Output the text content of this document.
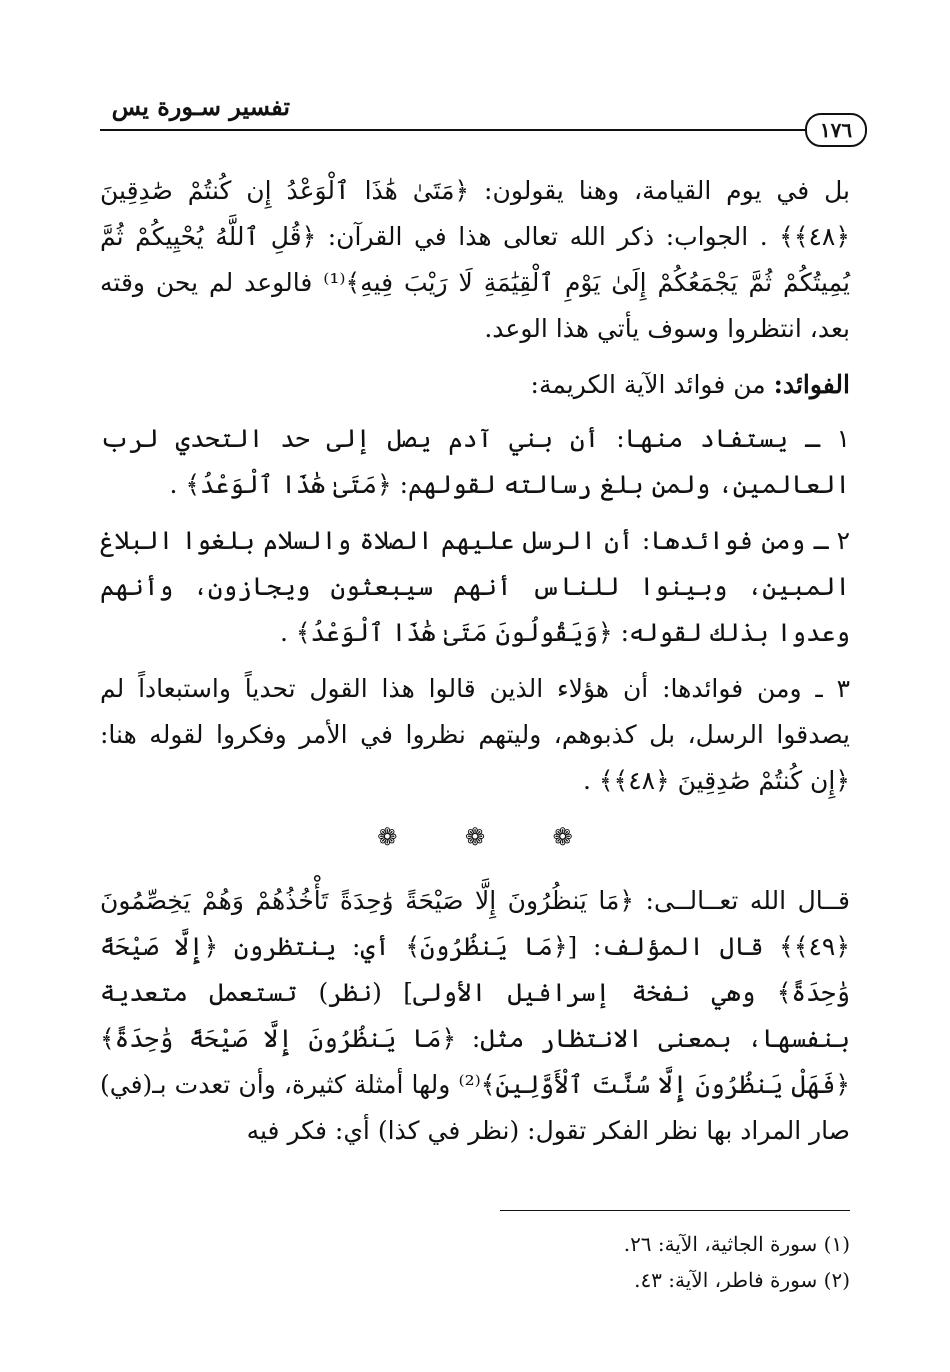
تفسير سـورة يس
١٧٦

بل في يوم القيامة، وهنا يقولون: ﴿مَتَىٰ هَٰذَا ٱلْوَعْدُ إِن كُنتُمْ صَٰدِقِينَ ﴿٤٨﴾﴾ . الجواب: ذكر الله تعالى هذا في القرآن: ﴿قُلِ ٱللَّهُ يُحْيِيكُمْ ثُمَّ يُمِيتُكُمْ ثُمَّ يَجْمَعُكُمْ إِلَىٰ يَوْمِ ٱلْقِيَٰمَةِ لَا رَيْبَ فِيهِ﴾⁽¹⁾ فالوعد لم يحن وقته بعد، انتظروا وسوف يأتي هذا الوعد.

الفوائد: من فوائد الآية الكريمة:

١ ـ يستفاد منها: أن بني آدم يصل إلى حد التحدي لرب العالمين، ولمن بلغ رسالته لقولهم: ﴿مَتَىٰ هَٰذَا ٱلْوَعْدُ﴾ .

٢ ـ ومن فوائدها: أن الرسل عليهم الصلاة والسلام بلغوا البلاغ المبين، وبينوا للناس أنهم سيبعثون ويجازون، وأنهم وعدوا بذلك لقوله: ﴿وَيَقُولُونَ مَتَىٰ هَٰذَا ٱلْوَعْدُ﴾ .

٣ ـ ومن فوائدها: أن هؤلاء الذين قالوا هذا القول تحدياً واستبعاداً لم يصدقوا الرسل، بل كذبوهم، وليتهم نظروا في الأمر وفكروا لقوله هنا: ﴿إِن كُنتُمْ صَٰدِقِينَ ﴿٤٨﴾﴾ .

❁ ❁ ❁

قــال الله تعــالــى: ﴿مَا يَنظُرُونَ إِلَّا صَيْحَةً وَٰحِدَةً تَأْخُذُهُمْ وَهُمْ يَخِصِّمُونَ ﴿٤٩﴾﴾ قال المؤلف: [﴿مَا يَنظُرُونَ﴾ أي: ينتظرون ﴿إِلَّا صَيْحَةً وَٰحِدَةً﴾ وهي نفخة إسرافيل الأولى] (نظر) تستعمل متعدية بنفسها، بمعنى الانتظار مثل: ﴿مَا يَنظُرُونَ إِلَّا صَيْحَةً وَٰحِدَةً﴾ ﴿فَهَلْ يَنظُرُونَ إِلَّا سُنَّتَ ٱلْأَوَّلِينَ﴾⁽²⁾ ولها أمثلة كثيرة، وأن تعدت بـ(في) صار المراد بها نظر الفكر تقول: (نظر في كذا) أي: فكر فيه

(١) سورة الجاثية، الآية: ٢٦.
(٢) سورة فاطر، الآية: ٤٣.
